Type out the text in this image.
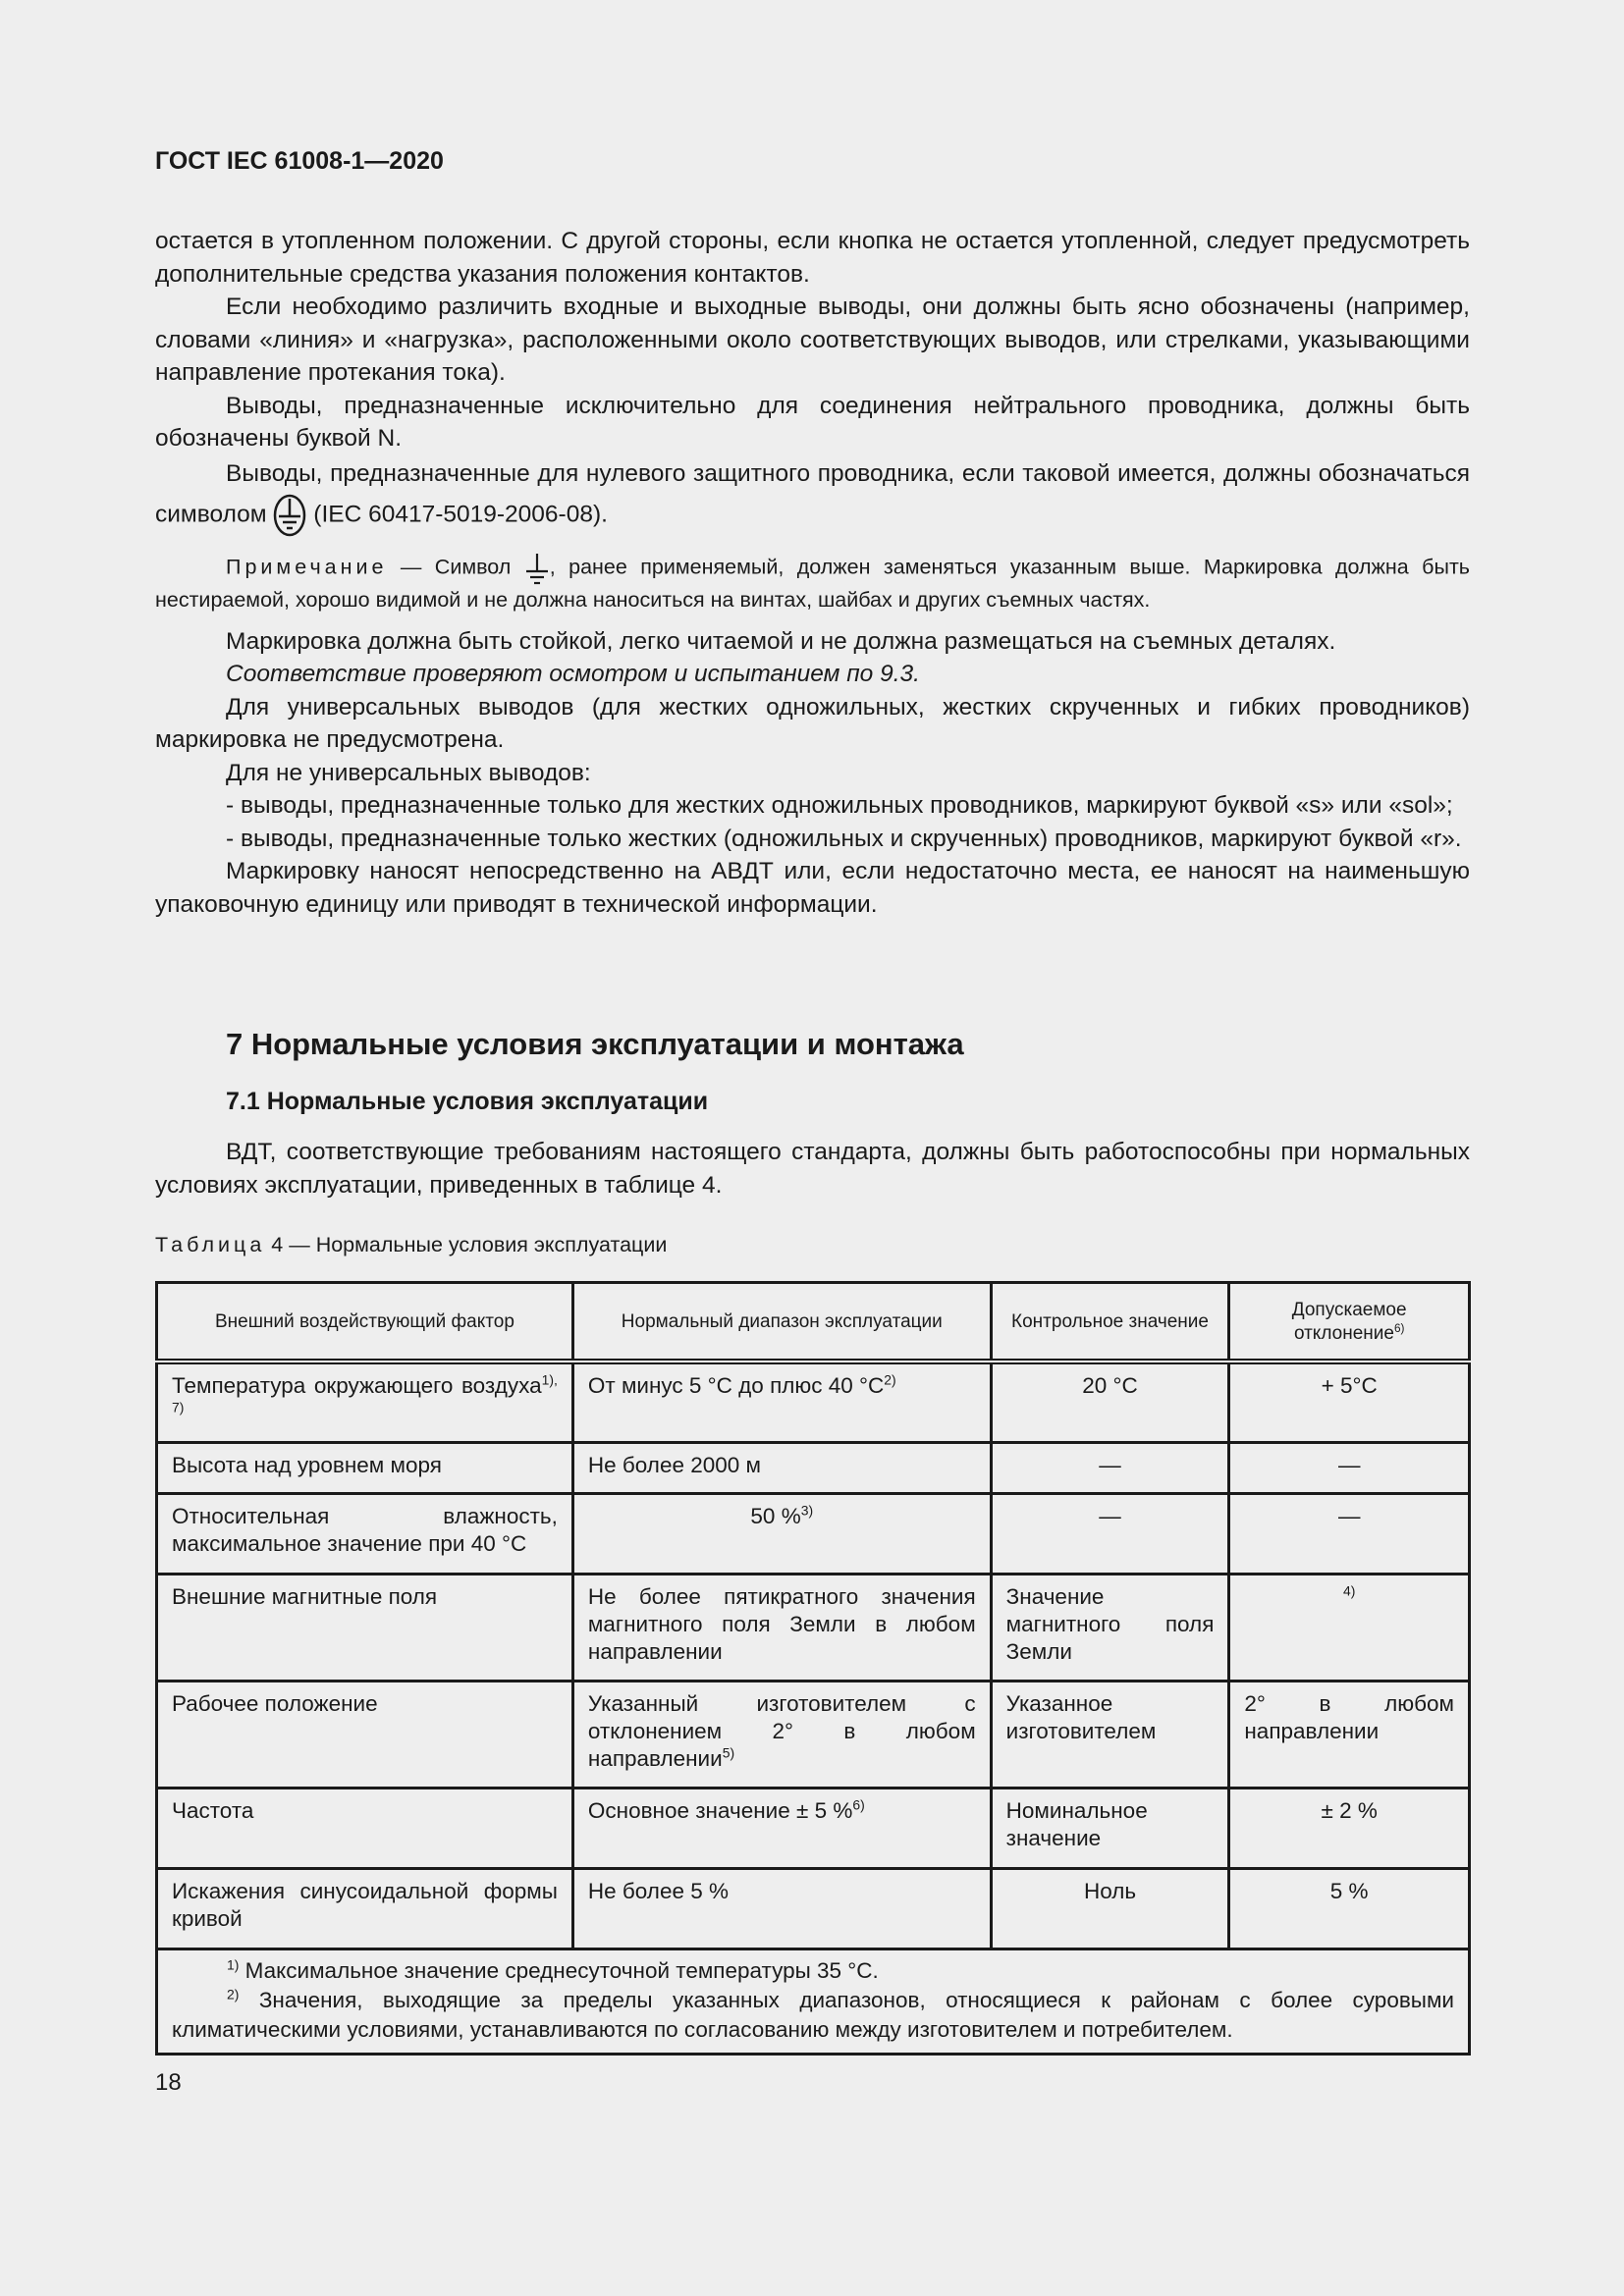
ГОСТ IEC 61008-1—2020

остается в утопленном положении. С другой стороны, если кнопка не остается утопленной, следует предусмотреть дополнительные средства указания положения контактов.

Если необходимо различить входные и выходные выводы, они должны быть ясно обозначены (например, словами «линия» и «нагрузка», расположенными около соответствующих выводов, или стрелками, указывающими направление протекания тока).

Выводы, предназначенные исключительно для соединения нейтрального проводника, должны быть обозначены буквой N.

Выводы, предназначенные для нулевого защитного проводника, если таковой имеется, должны обозначаться символом (IEC 60417-5019-2006-08).

Примечание — Символ , ранее применяемый, должен заменяться указанным выше. Маркировка должна быть нестираемой, хорошо видимой и не должна наноситься на винтах, шайбах и других съемных частях.

Маркировка должна быть стойкой, легко читаемой и не должна размещаться на съемных деталях.

Соответствие проверяют осмотром и испытанием по 9.3.

Для универсальных выводов (для жестких одножильных, жестких скрученных и гибких проводников) маркировка не предусмотрена.

Для не универсальных выводов:

- выводы, предназначенные только для жестких одножильных проводников, маркируют буквой «s» или «sol»;

- выводы, предназначенные только жестких (одножильных и скрученных) проводников, маркируют буквой «r».

Маркировку наносят непосредственно на АВДТ или, если недостаточно места, ее наносят на наименьшую упаковочную единицу или приводят в технической информации.

7 Нормальные условия эксплуатации и монтажа
7.1 Нормальные условия эксплуатации

ВДТ, соответствующие требованиям настоящего стандарта, должны быть работоспособны при нормальных условиях эксплуатации, приведенных в таблице 4.

Таблица 4 — Нормальные условия эксплуатации
Внешний воздействующий фактор	Нормальный диапазон эксплуатации	Контрольное значение	Допускаемое отклонение$^{6)}$
Температура окружающего воздуха$^{1), 7)}$	От минус 5 °С до плюс 40 $^\circ С^{2)}$	20 °С	+ 5°С
Высота над уровнем моря	Не более 2000 м	—	—
Относительная влажность, максимальное значение при 40 °С	50 %$^{3)}$	—	—
Внешние магнитные поля	Не более пятикратного значения магнитного поля Земли в любом направлении	Значение магнитного поля Земли	$^{4)}$
Рабочее положение	Указанный изготовителем с отклонением 2° в любом направлении$^{5)}$	Указанное изготовителем	2° в любом направлении
Частота	Основное значение ± 5 %$^{6)}$	Номинальное значение	± 2 %
Искажения синусоидальной формы кривой	Не более 5 %	Ноль	5 %

$^{1)}$ Максимальное значение среднесуточной температуры 35 °С.

$^{2)}$ Значения, выходящие за пределы указанных диапазонов, относящиеся к районам с более суровыми климатическими условиями, устанавливаются по согласованию между изготовителем и потребителем.			

18
